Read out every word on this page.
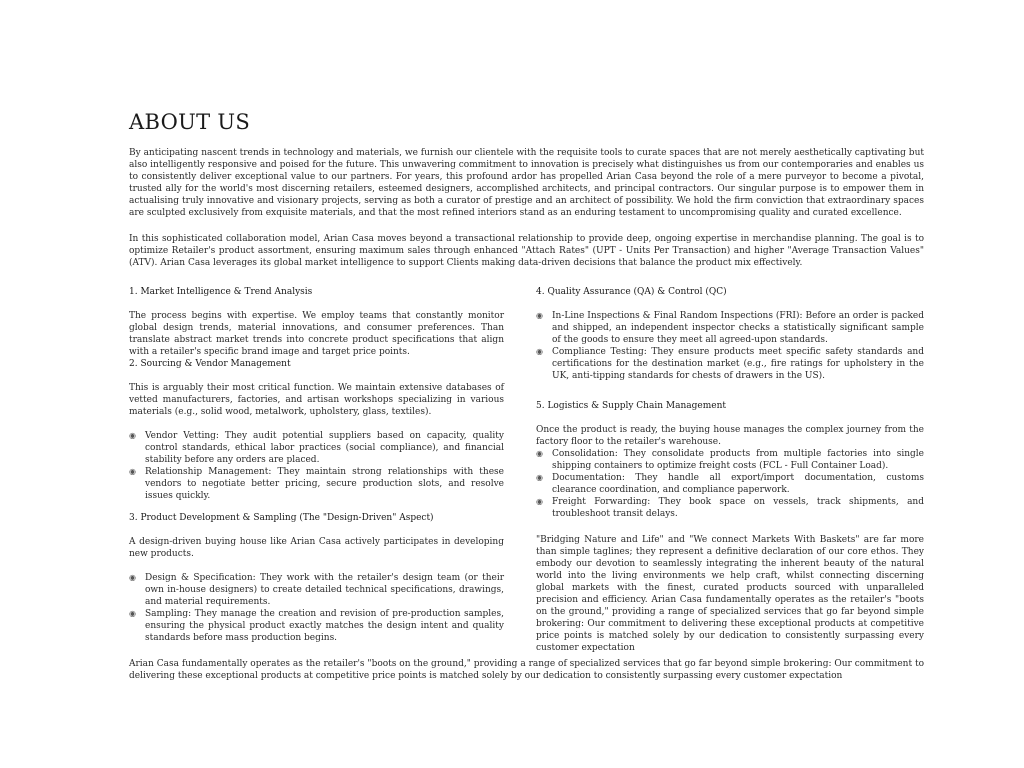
ABOUT US

By anticipating nascent trends in technology and materials, we furnish our clientele with the requisite tools to curate spaces that are not merely aesthetically captivating but also intelligently responsive and poised for the future. This unwavering commitment to innovation is precisely what distinguishes us from our contemporaries and enables us to consistently deliver exceptional value to our partners. For years, this profound ardor has propelled Arian Casa beyond the role of a mere purveyor to become a pivotal, trusted ally for the world's most discerning retailers, esteemed designers, accomplished architects, and principal contractors. Our singular purpose is to empower them in actualising truly innovative and visionary projects, serving as both a curator of prestige and an architect of possibility. We hold the firm conviction that extraordinary spaces are sculpted exclusively from exquisite materials, and that the most refined interiors stand as an enduring testament to uncompromising quality and curated excellence.

In this sophisticated collaboration model, Arian Casa moves beyond a transactional relationship to provide deep, ongoing expertise in merchandise planning. The goal is to optimize Retailer's product assortment, ensuring maximum sales through enhanced "Attach Rates" (UPT - Units Per Transaction) and higher "Average Transaction Values" (ATV). Arian Casa leverages its global market intelligence to support Clients making data-driven decisions that balance the product mix effectively.

1. Market Intelligence & Trend Analysis

The process begins with expertise. We employ teams that constantly monitor global design trends, material innovations, and consumer preferences. Than translate abstract market trends into concrete product specifications that align with a retailer's specific brand image and target price points.

2. Sourcing & Vendor Management

This is arguably their most critical function. We maintain extensive databases of vetted manufacturers, factories, and artisan workshops specializing in various materials (e.g., solid wood, metalwork, upholstery, glass, textiles).

◉ Vendor Vetting: They audit potential suppliers based on capacity, quality control standards, ethical labor practices (social compliance), and financial stability before any orders are placed.
◉ Relationship Management: They maintain strong relationships with these vendors to negotiate better pricing, secure production slots, and resolve issues quickly.
3. Product Development & Sampling (The "Design-Driven" Aspect)

A design-driven buying house like Arian Casa actively participates in developing new products.

◉ Design & Specification: They work with the retailer's design team (or their own in-house designers) to create detailed technical specifications, drawings, and material requirements.
◉ Sampling: They manage the creation and revision of pre-production samples, ensuring the physical product exactly matches the design intent and quality standards before mass production begins.
4. Quality Assurance (QA) & Control (QC)
◉ In-Line Inspections & Final Random Inspections (FRI): Before an order is packed and shipped, an independent inspector checks a statistically significant sample of the goods to ensure they meet all agreed-upon standards.
◉ Compliance Testing: They ensure products meet specific safety standards and certifications for the destination market (e.g., fire ratings for upholstery in the UK, anti-tipping standards for chests of drawers in the US).
5. Logistics & Supply Chain Management

Once the product is ready, the buying house manages the complex journey from the factory floor to the retailer's warehouse.

◉ Consolidation: They consolidate products from multiple factories into single shipping containers to optimize freight costs (FCL - Full Container Load).
◉ Documentation: They handle all export/import documentation, customs clearance coordination, and compliance paperwork.
◉ Freight Forwarding: They book space on vessels, track shipments, and troubleshoot transit delays.

"Bridging Nature and Life" and "We connect Markets With Baskets" are far more than simple taglines; they represent a definitive declaration of our core ethos. They embody our devotion to seamlessly integrating the inherent beauty of the natural world into the living environments we help craft, whilst connecting discerning global markets with the finest, curated products sourced with unparalleled precision and efficiency. Arian Casa fundamentally operates as the retailer's "boots on the ground," providing a range of specialized services that go far beyond simple brokering: Our commitment to delivering these exceptional products at competitive price points is matched solely by our dedication to consistently surpassing every customer expectation

Arian Casa fundamentally operates as the retailer's "boots on the ground," providing a range of specialized services that go far beyond simple brokering: Our commitment to delivering these exceptional products at competitive price points is matched solely by our dedication to consistently surpassing every customer expectation
